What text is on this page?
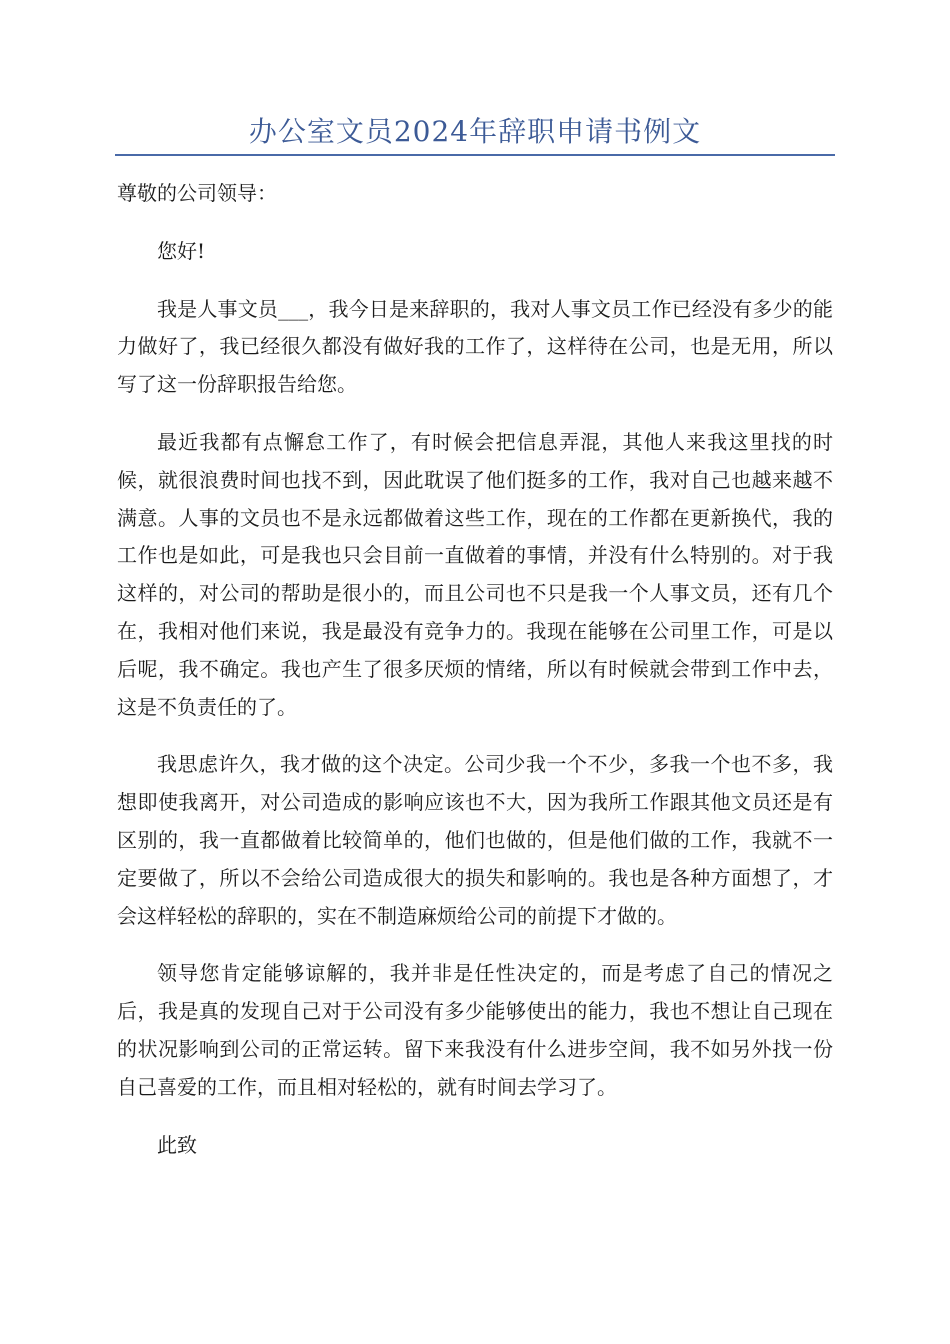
办公室文员2024年辞职申请书例文

尊敬的公司领导：

您好!

我是人事文员___，我今日是来辞职的，我对人事文员工作已经没有多少的能力做好了，我已经很久都没有做好我的工作了，这样待在公司，也是无用，所以写了这一份辞职报告给您。

最近我都有点懈怠工作了，有时候会把信息弄混，其他人来我这里找的时候，就很浪费时间也找不到，因此耽误了他们挺多的工作，我对自己也越来越不满意。人事的文员也不是永远都做着这些工作，现在的工作都在更新换代，我的工作也是如此，可是我也只会目前一直做着的事情，并没有什么特别的。对于我这样的，对公司的帮助是很小的，而且公司也不只是我一个人事文员，还有几个在，我相对他们来说，我是最没有竞争力的。我现在能够在公司里工作，可是以后呢，我不确定。我也产生了很多厌烦的情绪，所以有时候就会带到工作中去，这是不负责任的了。

我思虑许久，我才做的这个决定。公司少我一个不少，多我一个也不多，我想即使我离开，对公司造成的影响应该也不大，因为我所工作跟其他文员还是有区别的，我一直都做着比较简单的，他们也做的，但是他们做的工作，我就不一定要做了，所以不会给公司造成很大的损失和影响的。我也是各种方面想了，才会这样轻松的辞职的，实在不制造麻烦给公司的前提下才做的。

领导您肯定能够谅解的，我并非是任性决定的，而是考虑了自己的情况之后，我是真的发现自己对于公司没有多少能够使出的能力，我也不想让自己现在的状况影响到公司的正常运转。留下来我没有什么进步空间，我不如另外找一份自己喜爱的工作，而且相对轻松的，就有时间去学习了。

此致
